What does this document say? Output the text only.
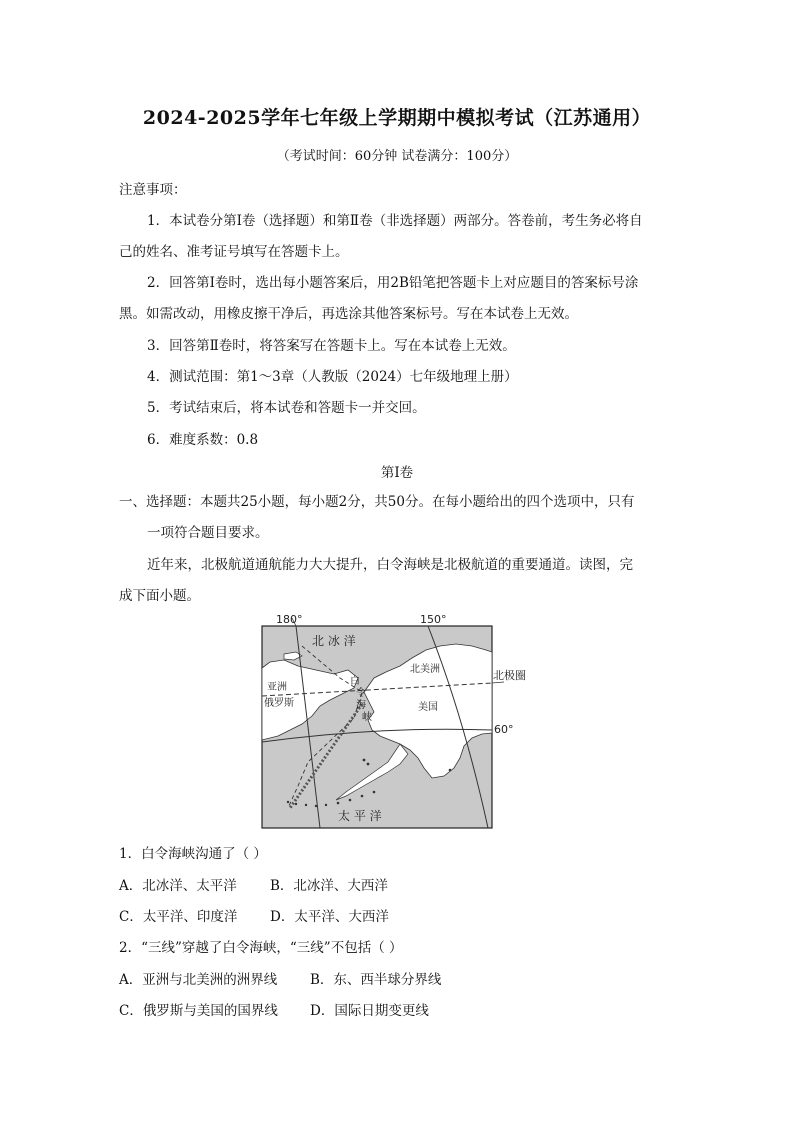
2024-2025学年七年级上学期期中模拟考试（江苏通用）
（考试时间：60分钟 试卷满分：100分）
注意事项：
1．本试卷分第Ⅰ卷（选择题）和第Ⅱ卷（非选择题）两部分。答卷前，考生务必将自
己的姓名、准考证号填写在答题卡上。
2．回答第Ⅰ卷时，选出每小题答案后，用2B铅笔把答题卡上对应题目的答案标号涂
黑。如需改动，用橡皮擦干净后，再选涂其他答案标号。写在本试卷上无效。
3．回答第Ⅱ卷时，将答案写在答题卡上。写在本试卷上无效。
4．测试范围：第1～3章（人教版（2024）七年级地理上册）
5．考试结束后，将本试卷和答题卡一并交回。
6．难度系数：0.8
第Ⅰ卷
一、选择题：本题共25小题，每小题2分，共50分。在每小题给出的四个选项中，只有
一项符合题目要求。
近年来，北极航道通航能力大大提升，白令海峡是北极航道的重要通道。读图，完
成下面小题。
180°	150°
北 冰 洋
北美洲	北极圈
亚洲
俄罗斯
白
令
海
峡
美国
60°
太 平 洋
1．白令海峡沟通了（ ）
A．北冰洋、太平洋 B．北冰洋、大西洋
C．太平洋、印度洋 D．太平洋、大西洋
2．“三线”穿越了白令海峡，“三线”不包括（ ）
A．亚洲与北美洲的洲界线 B．东、西半球分界线
C．俄罗斯与美国的国界线 D．国际日期变更线
